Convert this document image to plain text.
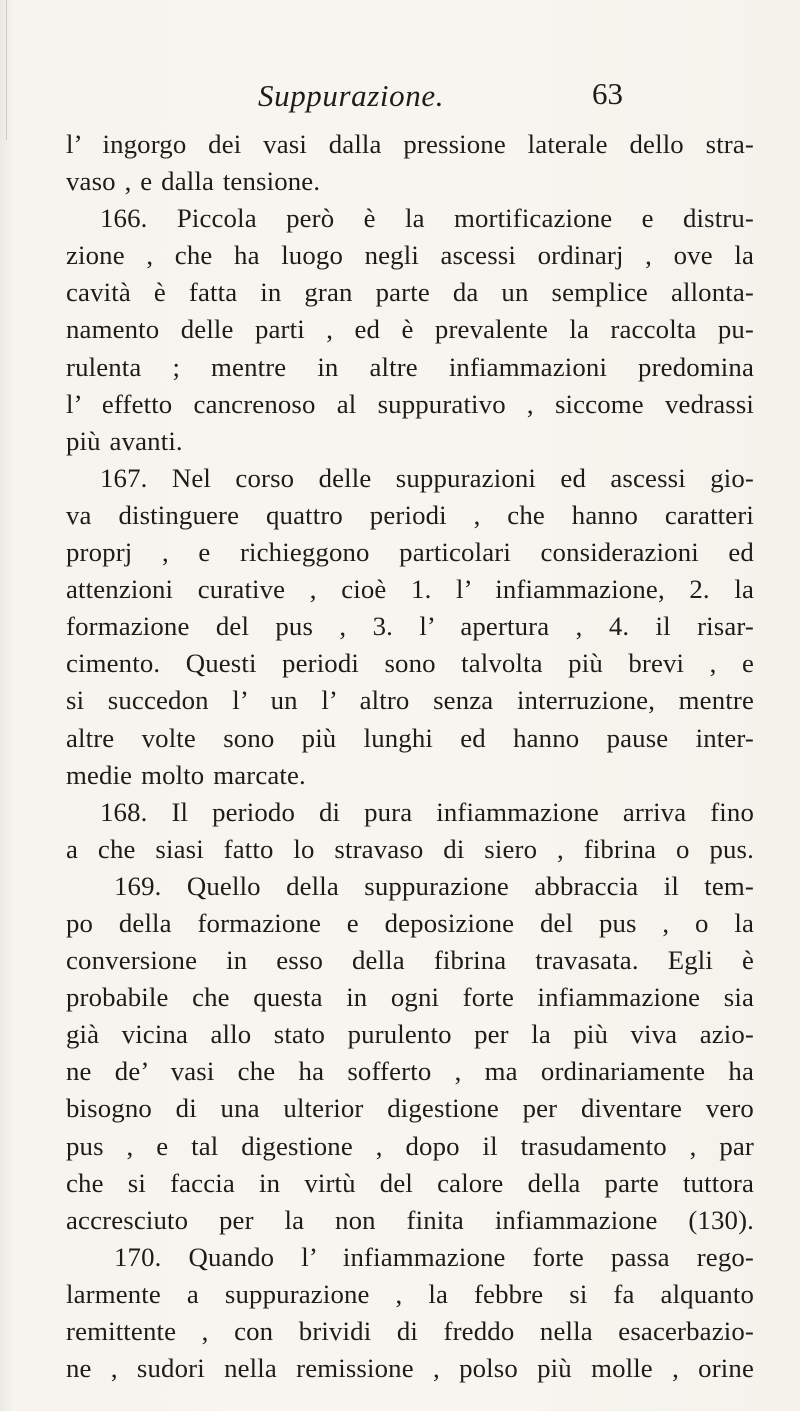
Suppurazione.	63
l’ ingorgo dei vasi dalla pressione laterale dello stra-
vaso , e dalla tensione.
166. Piccola però è la mortificazione e distru-
zione , che ha luogo negli ascessi ordinarj , ove la
cavità è fatta in gran parte da un semplice allonta-
namento delle parti , ed è prevalente la raccolta pu-
rulenta ; mentre in altre infiammazioni predomina
l’ effetto cancrenoso al suppurativo , siccome vedrassi
più avanti.
167. Nel corso delle suppurazioni ed ascessi gio-
va distinguere quattro periodi , che hanno caratteri
proprj , e richieggono particolari considerazioni ed
attenzioni curative , cioè 1. l’ infiammazione, 2. la
formazione del pus , 3. l’ apertura , 4. il risar-
cimento. Questi periodi sono talvolta più brevi , e
si succedon l’ un l’ altro senza interruzione, mentre
altre volte sono più lunghi ed hanno pause inter-
medie molto marcate.
168. Il periodo di pura infiammazione arriva fino
a che siasi fatto lo stravaso di siero , fibrina o pus.
169. Quello della suppurazione abbraccia il tem-
po della formazione e deposizione del pus , o la
conversione in esso della fibrina travasata. Egli è
probabile che questa in ogni forte infiammazione sia
già vicina allo stato purulento per la più viva azio-
ne de’ vasi che ha sofferto , ma ordinariamente ha
bisogno di una ulterior digestione per diventare vero
pus , e tal digestione , dopo il trasudamento , par
che si faccia in virtù del calore della parte tuttora
accresciuto per la non finita infiammazione (130).
170. Quando l’ infiammazione forte passa rego-
larmente a suppurazione , la febbre si fa alquanto
remittente , con brividi di freddo nella esacerbazio-
ne , sudori nella remissione , polso più molle , orine
